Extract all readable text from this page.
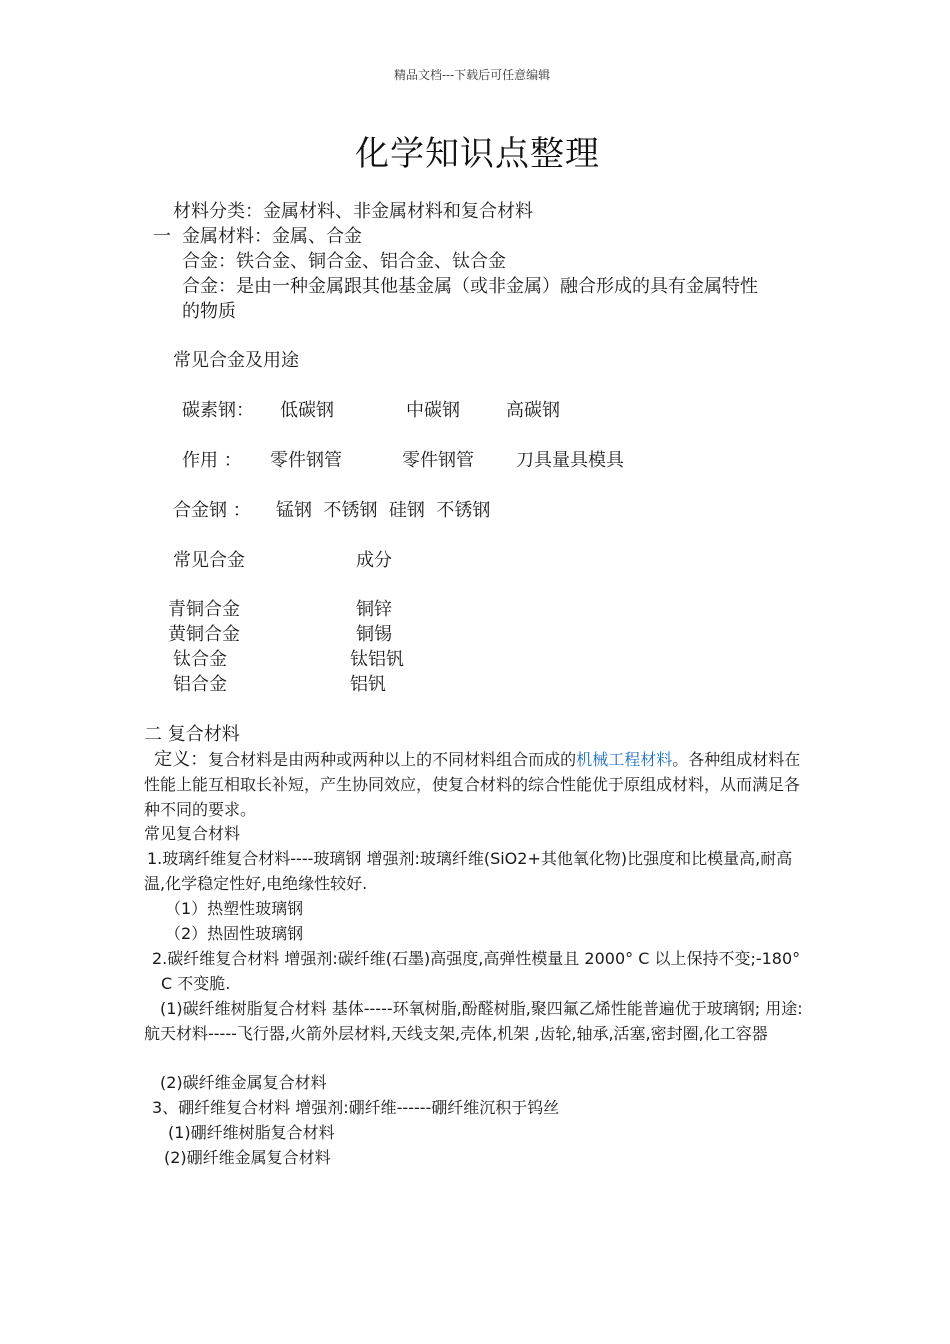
精品文档---下载后可任意编辑
化学知识点整理
材料分类：金属材料、非金属材料和复合材料
一 金属材料：金属、合金
合金：铁合金、铜合金、铝合金、钛合金
合金：是由一种金属跟其他基金属（或非金属）融合形成的具有金属特性
的物质
常见合金及用途
碳素钢： 低碳钢	中碳钢	高碳钢
作用 ： 零件钢管	零件钢管 刀具量具模具
合金钢 ： 锰钢  不锈钢  硅钢  不锈钢
常见合金	成分
青铜合金	铜锌
黄铜合金	铜锡
钛合金	钛铝钒
铝合金	铝钒
二 复合材料
定义：复合材料是由两种或两种以上的不同材料组合而成的机械工程材料。各种组成材料在性能上能互相取长补短，产生协同效应，使复合材料的综合性能优于原组成材料，从而满足各种不同的要求。
常见复合材料
1.玻璃纤维复合材料----玻璃钢 增强剂:玻璃纤维(SiO2+其他氧化物)比强度和比模量高,耐高温,化学稳定性好,电绝缘性较好.
（1）热塑性玻璃钢
（2）热固性玻璃钢
2.碳纤维复合材料 增强剂:碳纤维(石墨)高强度,高弹性模量且 2000° C 以上保持不变;-180°
C 不变脆.
(1)碳纤维树脂复合材料 基体-----环氧树脂,酚醛树脂,聚四氟乙烯性能普遍优于玻璃钢; 用途:航天材料-----飞行器,火箭外层材料,天线支架,壳体,机架 ,齿轮,轴承,活塞,密封圈,化工容器
(2)碳纤维金属复合材料
3、硼纤维复合材料 增强剂:硼纤维------硼纤维沉积于钨丝
(1)硼纤维树脂复合材料
(2)硼纤维金属复合材料
